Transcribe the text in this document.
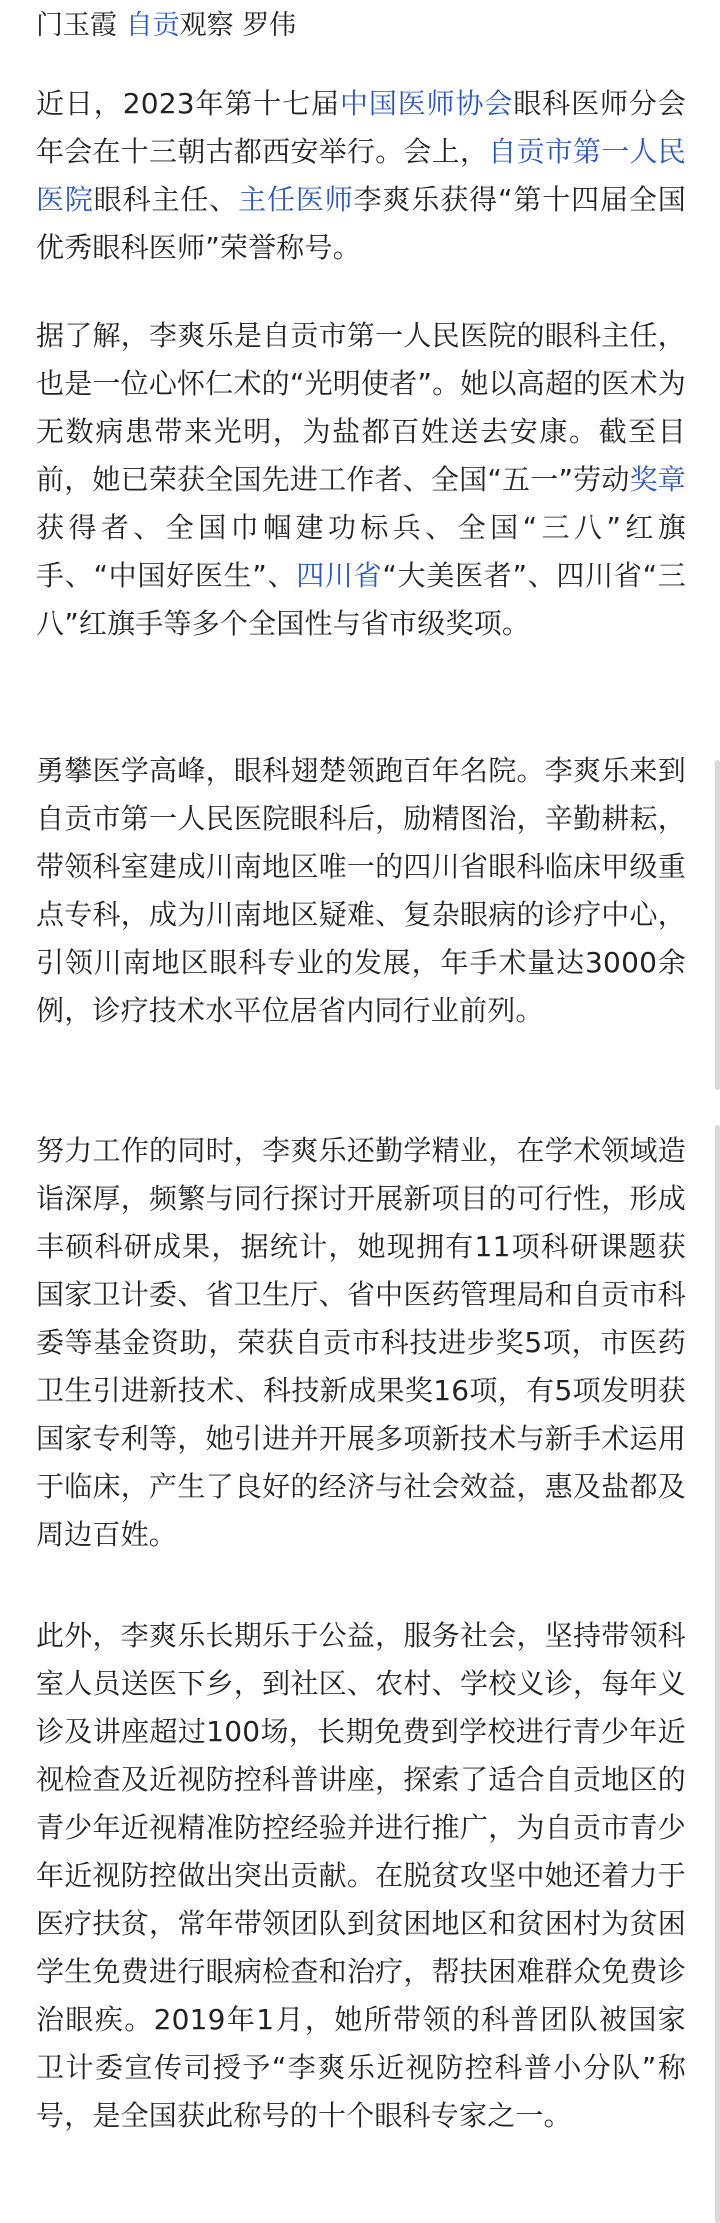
门玉霞 自贡观察 罗伟

近日，2023年第十七届中国医师协会眼科医师分会年会在十三朝古都西安举行。会上，自贡市第一人民医院眼科主任、主任医师李爽乐获得“第十四届全国优秀眼科医师”荣誉称号。

据了解，李爽乐是自贡市第一人民医院的眼科主任，也是一位心怀仁术的“光明使者”。她以高超的医术为无数病患带来光明，为盐都百姓送去安康。截至目前，她已荣获全国先进工作者、全国“五一”劳动奖章获得者、全国巾帼建功标兵、全国“三八”红旗手、“中国好医生”、四川省“大美医者”、四川省“三八”红旗手等多个全国性与省市级奖项。

勇攀医学高峰，眼科翅楚领跑百年名院。李爽乐来到自贡市第一人民医院眼科后，励精图治，辛勤耕耘，带领科室建成川南地区唯一的四川省眼科临床甲级重点专科，成为川南地区疑难、复杂眼病的诊疗中心，引领川南地区眼科专业的发展，年手术量达3000余例，诊疗技术水平位居省内同行业前列。

努力工作的同时，李爽乐还勤学精业，在学术领域造诣深厚，频繁与同行探讨开展新项目的可行性，形成丰硕科研成果，据统计，她现拥有11项科研课题获国家卫计委、省卫生厅、省中医药管理局和自贡市科委等基金资助，荣获自贡市科技进步奖5项，市医药卫生引进新技术、科技新成果奖16项，有5项发明获国家专利等，她引进并开展多项新技术与新手术运用于临床，产生了良好的经济与社会效益，惠及盐都及周边百姓。

此外，李爽乐长期乐于公益，服务社会，坚持带领科室人员送医下乡，到社区、农村、学校义诊，每年义诊及讲座超过100场，长期免费到学校进行青少年近视检查及近视防控科普讲座，探索了适合自贡地区的青少年近视精准防控经验并进行推广，为自贡市青少年近视防控做出突出贡献。在脱贫攻坚中她还着力于医疗扶贫，常年带领团队到贫困地区和贫困村为贫困学生免费进行眼病检查和治疗，帮扶困难群众免费诊治眼疾。2019年1月，她所带领的科普团队被国家卫计委宣传司授予“李爽乐近视防控科普小分队”称号，是全国获此称号的十个眼科专家之一。
